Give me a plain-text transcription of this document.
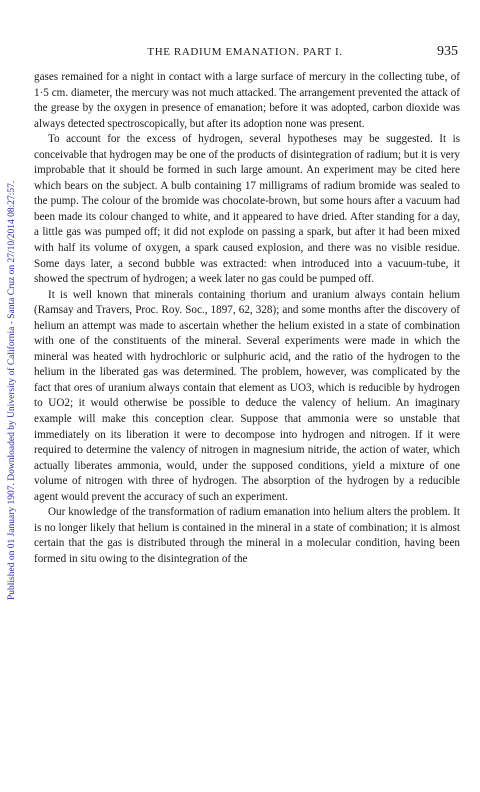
Published on 01 January 1907. Downloaded by University of California - Santa Cruz on 27/10/2014 08:27:57.
THE RADIUM EMANATION. PART I.	935

gases remained for a night in contact with a large surface of mercury in the collecting tube, of 1·5 cm. diameter, the mercury was not much attacked. The arrangement prevented the attack of the grease by the oxygen in presence of emanation; before it was adopted, carbon dioxide was always detected spectroscopically, but after its adoption none was present.

To account for the excess of hydrogen, several hypotheses may be suggested. It is conceivable that hydrogen may be one of the products of disintegration of radium; but it is very improbable that it should be formed in such large amount. An experiment may be cited here which bears on the subject. A bulb containing 17 milligrams of radium bromide was sealed to the pump. The colour of the bromide was chocolate-brown, but some hours after a vacuum had been made its colour changed to white, and it appeared to have dried. After standing for a day, a little gas was pumped off; it did not explode on passing a spark, but after it had been mixed with half its volume of oxygen, a spark caused explosion, and there was no visible residue. Some days later, a second bubble was extracted: when introduced into a vacuum-tube, it showed the spectrum of hydrogen; a week later no gas could be pumped off.

It is well known that minerals containing thorium and uranium always contain helium (Ramsay and Travers, Proc. Roy. Soc., 1897, 62, 328); and some months after the discovery of helium an attempt was made to ascertain whether the helium existed in a state of combination with one of the constituents of the mineral. Several experiments were made in which the mineral was heated with hydrochloric or sulphuric acid, and the ratio of the hydrogen to the helium in the liberated gas was determined. The problem, however, was complicated by the fact that ores of uranium always contain that element as UO3, which is reducible by hydrogen to UO2; it would otherwise be possible to deduce the valency of helium. An imaginary example will make this conception clear. Suppose that ammonia were so unstable that immediately on its liberation it were to decompose into hydrogen and nitrogen. If it were required to determine the valency of nitrogen in magnesium nitride, the action of water, which actually liberates ammonia, would, under the supposed conditions, yield a mixture of one volume of nitrogen with three of hydrogen. The absorption of the hydrogen by a reducible agent would prevent the accuracy of such an experiment.

Our knowledge of the transformation of radium emanation into helium alters the problem. It is no longer likely that helium is contained in the mineral in a state of combination; it is almost certain that the gas is distributed through the mineral in a molecular condition, having been formed in situ owing to the disintegration of the
